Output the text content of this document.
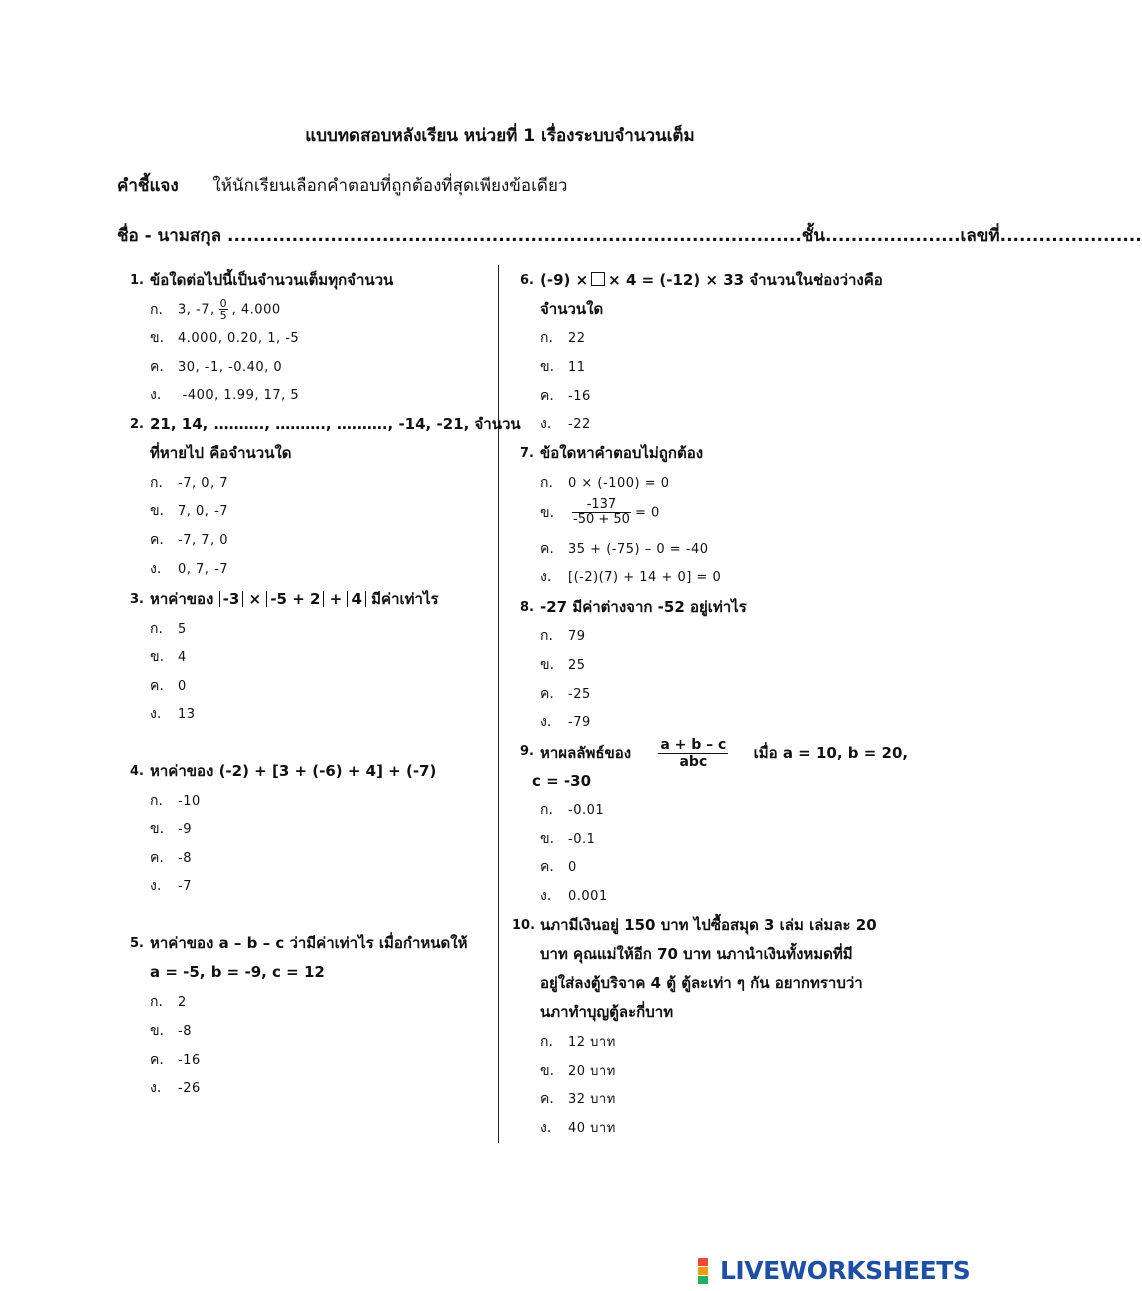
แบบทดสอบหลังเรียน หน่วยที่ 1 เรื่องระบบจำนวนเต็ม
คำชี้แจง ให้นักเรียนเลือกคำตอบที่ถูกต้องที่สุดเพียงข้อเดียว
ชื่อ - นามสกุล .........................................................................................ชั้น.....................เลขที่......................
1. ข้อใดต่อไปนี้เป็นจำนวนเต็มทุกจำนวน
ก. 3, -7, $\frac{0}{5}$ , 4.000
ข. 4.000, 0.20, 1, -5
ค. 30, -1, -0.40, 0
ง. -400, 1.99, 17, 5
2. 21, 14, ………., ………., ………., -14, -21, จำนวน
ที่หายไป คือจำนวนใด
ก. -7, 0, 7
ข. 7, 0, -7
ค. -7, 7, 0
ง. 0, 7, -7
3. หาค่าของ -3 × -5 + 2 + 4 มีค่าเท่าไร
ก. 5
ข. 4
ค. 0
ง. 13
4. หาค่าของ (-2) + [3 + (-6) + 4] + (-7)
ก. -10
ข. -9
ค. -8
ง. -7
5. หาค่าของ a – b – c ว่ามีค่าเท่าไร เมื่อกำหนดให้
a = -5, b = -9, c = 12
ก. 2
ข. -8
ค. -16
ง. -26
6. (-9) × × 4 = (-12) × 33 จำนวนในช่องว่างคือ
จำนวนใด
ก. 22
ข. 11
ค. -16
ง. -22
7. ข้อใดหาคำตอบไม่ถูกต้อง
ก. 0 × (-100) = 0
ข. $\frac{-137}{-50 + 50} = 0$
ค. 35 + (-75) – 0 = -40
ง. [(-2)(7) + 14 + 0] = 0
8. -27 มีค่าต่างจาก -52 อยู่เท่าไร
ก. 79
ข. 25
ค. -25
ง. -79
9. หาผลลัพธ์ของ a + b – c
abc	เมื่อ a = 10, b = 20,
c = -30
ก. -0.01
ข. -0.1
ค. 0
ง. 0.001
10. นภามีเงินอยู่ 150 บาท ไปซื้อสมุด 3 เล่ม เล่มละ 20
บาท คุณแม่ให้อีก 70 บาท นภานำเงินทั้งหมดที่มี
อยู่ใส่ลงตู้บริจาค 4 ตู้ ตู้ละเท่า ๆ กัน อยากทราบว่า
นภาทำบุญตู้ละกี่บาท
ก. 12 บาท
ข. 20 บาท
ค. 32 บาท
ง. 40 บาท
LIVEWORKSHEETS
